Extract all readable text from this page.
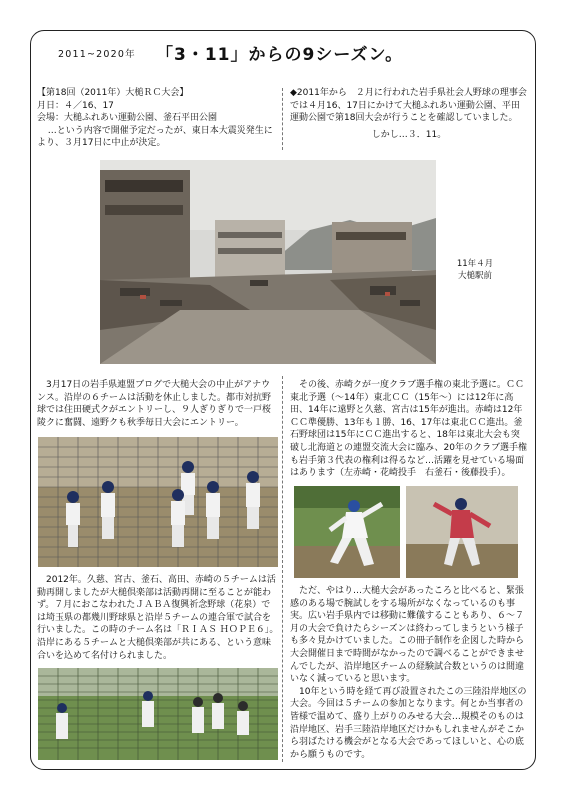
2011~2020年 「3・11」からの9シーズン。

【第18回（2011年）大槌ＲＣ大会】

月日：４／16、17

会場：大槌ふれあい運動公園、釜石平田公園

…という内容で開催予定だったが、東日本大震災発生により、３月17日に中止が決定。

◆2011年から　２月に行われた岩手県社会人野球の理事会では４月16、17日にかけて大槌ふれあい運動公園、平田運動公園で第18回大会が行うことを確認していました。

しかし…３．11。

11年４月
大槌駅前

3月17日の岩手県連盟ブログで大槌大会の中止がアナウンス。沿岸の６チームは活動を休止しました。都市対抗野球では住田硬式クがエントリーし、９人ぎりぎりで一戸桜陵クに奮闘、遠野クも秋季毎日大会にエントリー。

2012年。久慈、宮古、釜石、高田、赤崎の５チームは活動再開しましたが大槌倶楽部は活動再開に至ることが能わず。７月におこなわれたＪＡＢＡ復興祈念野球（花泉）では埼玉県の都幾川野球県と沿岸５チームの連合軍で試合を行いました。この時のチーム名は「ＲＩＡＳ ＨＯＰＥ６」。沿岸にある５チームと大槌倶楽部が共にある、という意味合いを込めて名付けられました。

その後、赤崎クが一度クラブ選手権の東北予選に。ＣＣ東北予選（～14年）東北ＣＣ（15年～）には12年に高田、14年に遠野と久慈、宮古は15年が進出。赤崎は12年ＣＣ準優勝、13年も１勝、16、17年は東北ＣＣ進出。釜石野球団は15年にＣＣ進出すると、18年は東北大会も突破し北海道との連盟交流大会に臨み、20年のクラブ選手権も岩手第３代表の権利は得るなど…活躍を見せている場面はあります（左赤崎・花崎投手　右釜石・後藤投手）。

ただ、やはり…大槌大会があったころと比べると、緊張感のある場で腕試しをする場所がなくなっているのも事実。広い岩手県内では移動に難儀することもあり、６～７月の大会で負けたらシーズンは終わってしまうという様子も多々見かけていました。この冊子制作を企図した時から大会開催日まで時間がなかったので調べることができませんでしたが、沿岸地区チームの経験試合数というのは間違いなく減っていると思います。

10年という時を経て再び設置されたこの三陸沿岸地区の大会。今回は５チームの参加となります。何とか当事者の皆様で温めて、盛り上がりのみせる大会…規模そのものは沿岸地区、岩手三陸沿岸地区だけかもしれませんがそこから羽ばたける機会がとなる大会であってほしいと、心の底から願うものです。
